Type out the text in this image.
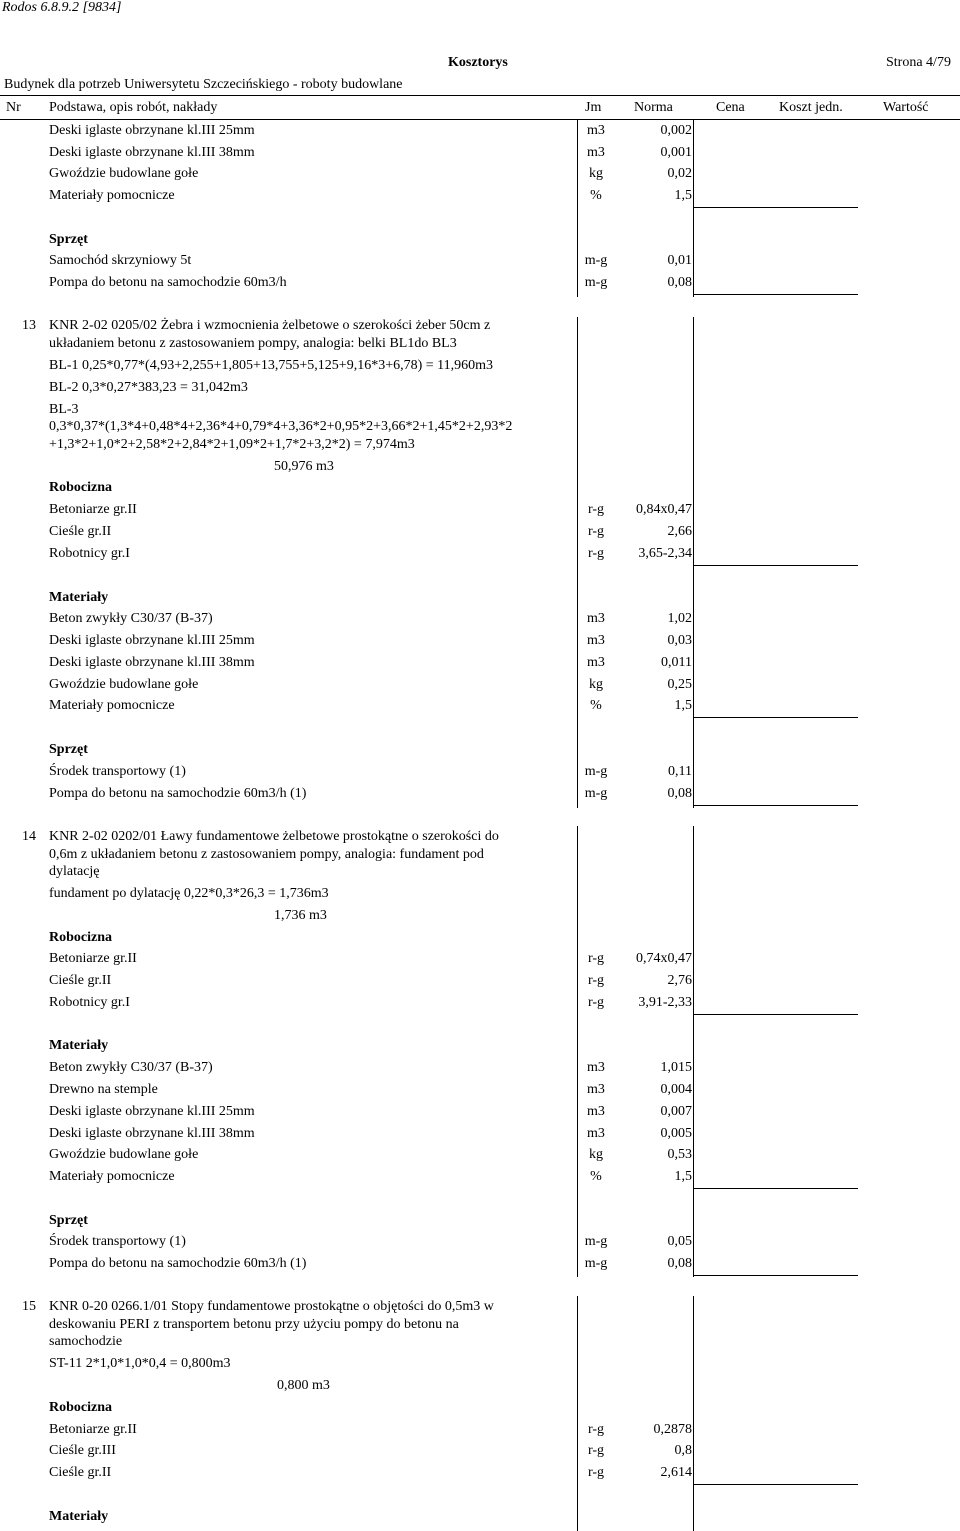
Rodos 6.8.9.2 [9834]
Kosztorys	Strona 4/79
Budynek dla potrzeb Uniwersytetu Szczecińskiego - roboty budowlane
Nr Podstawa, opis robót, nakłady	Jm Norma	Cena Koszt jedn.	Wartość
Deski iglaste obrzynane kl.III 25mm	m3	0,002
Deski iglaste obrzynane kl.III 38mm	m3	0,001
Gwoździe budowlane gołe	kg	0,02
Materiały pomocnicze	%	1,5
Sprzęt
Samochód skrzyniowy 5t	m-g	0,01
Pompa do betonu na samochodzie 60m3/h	m-g	0,08
13 KNR 2-02 0205/02 Żebra i wzmocnienia żelbetowe o szerokości żeber 50cm z
układaniem betonu z zastosowaniem pompy, analogia: belki BL1do BL3
BL-1 0,25*0,77*(4,93+2,255+1,805+13,755+5,125+9,16*3+6,78) = 11,960m3
BL-2 0,3*0,27*383,23 = 31,042m3
BL-3
0,3*0,37*(1,3*4+0,48*4+2,36*4+0,79*4+3,36*2+0,95*2+3,66*2+1,45*2+2,93*2
+1,3*2+1,0*2+2,58*2+2,84*2+1,09*2+1,7*2+3,2*2) = 7,974m3
50,976 m3
Robocizna
Betoniarze gr.II	r-g	0,84x0,47
Cieśle gr.II	r-g	2,66
Robotnicy gr.I	r-g	3,65-2,34
Materiały
Beton zwykły C30/37 (B-37)	m3	1,02
Deski iglaste obrzynane kl.III 25mm	m3	0,03
Deski iglaste obrzynane kl.III 38mm	m3	0,011
Gwoździe budowlane gołe	kg	0,25
Materiały pomocnicze	%	1,5
Sprzęt
Środek transportowy (1)	m-g	0,11
Pompa do betonu na samochodzie 60m3/h (1)	m-g	0,08
14 KNR 2-02 0202/01 Ławy fundamentowe żelbetowe prostokątne o szerokości do
0,6m z układaniem betonu z zastosowaniem pompy, analogia: fundament pod
dylatację
fundament po dylatację 0,22*0,3*26,3 = 1,736m3
1,736 m3
Robocizna
Betoniarze gr.II	r-g	0,74x0,47
Cieśle gr.II	r-g	2,76
Robotnicy gr.I	r-g	3,91-2,33
Materiały
Beton zwykły C30/37 (B-37)	m3	1,015
Drewno na stemple	m3	0,004
Deski iglaste obrzynane kl.III 25mm	m3	0,007
Deski iglaste obrzynane kl.III 38mm	m3	0,005
Gwoździe budowlane gołe	kg	0,53
Materiały pomocnicze	%	1,5
Sprzęt
Środek transportowy (1)	m-g	0,05
Pompa do betonu na samochodzie 60m3/h (1)	m-g	0,08
15 KNR 0-20 0266.1/01 Stopy fundamentowe prostokątne o objętości do 0,5m3 w
deskowaniu PERI z transportem betonu przy użyciu pompy do betonu na
samochodzie
ST-11 2*1,0*1,0*0,4 = 0,800m3
0,800 m3
Robocizna
Betoniarze gr.II	r-g	0,2878
Cieśle gr.III	r-g	0,8
Cieśle gr.II	r-g	2,614
Materiały
